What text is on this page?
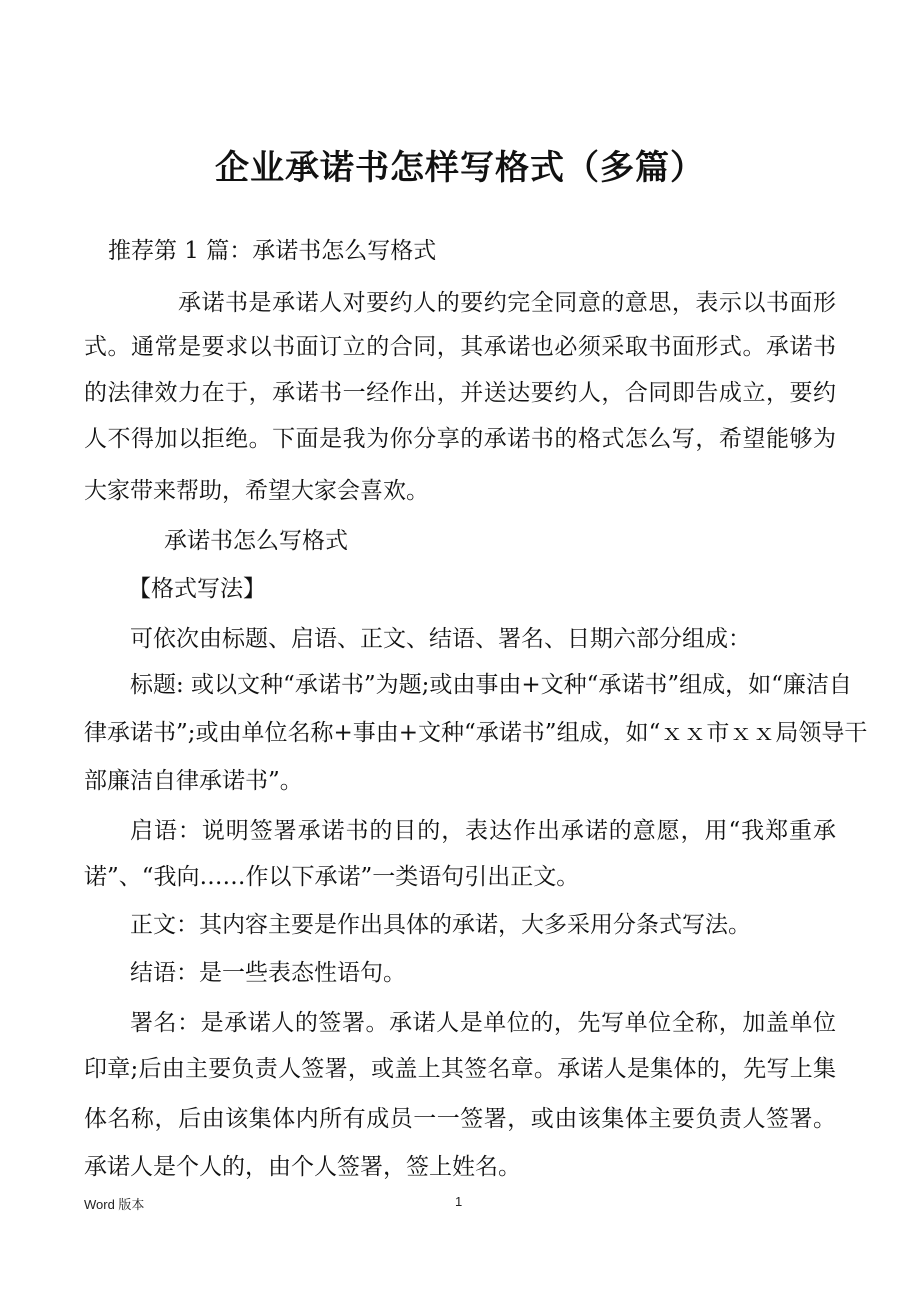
企业承诺书怎样写格式（多篇）
推荐第 1 篇：承诺书怎么写格式
承诺书是承诺人对要约人的要约完全同意的意思，表示以书面形
式。通常是要求以书面订立的合同，其承诺也必须采取书面形式。承诺书
的法律效力在于，承诺书一经作出，并送达要约人，合同即告成立，要约
人不得加以拒绝。下面是我为你分享的承诺书的格式怎么写，希望能够为
大家带来帮助，希望大家会喜欢。
承诺书怎么写格式
【格式写法】
可依次由标题、启语、正文、结语、署名、日期六部分组成：
标题: 或以文种“承诺书”为题;或由事由+文种“承诺书”组成，如“廉洁自
律承诺书”;或由单位名称+事由+文种“承诺书”组成，如“ｘｘ市ｘｘ局领导干
部廉洁自律承诺书”。
启语：说明签署承诺书的目的，表达作出承诺的意愿，用“我郑重承
诺”、“我向……作以下承诺”一类语句引出正文。
正文：其内容主要是作出具体的承诺，大多采用分条式写法。
结语：是一些表态性语句。
署名：是承诺人的签署。承诺人是单位的，先写单位全称，加盖单位
印章;后由主要负责人签署，或盖上其签名章。承诺人是集体的，先写上集
体名称，后由该集体内所有成员一一签署，或由该集体主要负责人签署。
承诺人是个人的，由个人签署，签上姓名。
Word 版本	1
